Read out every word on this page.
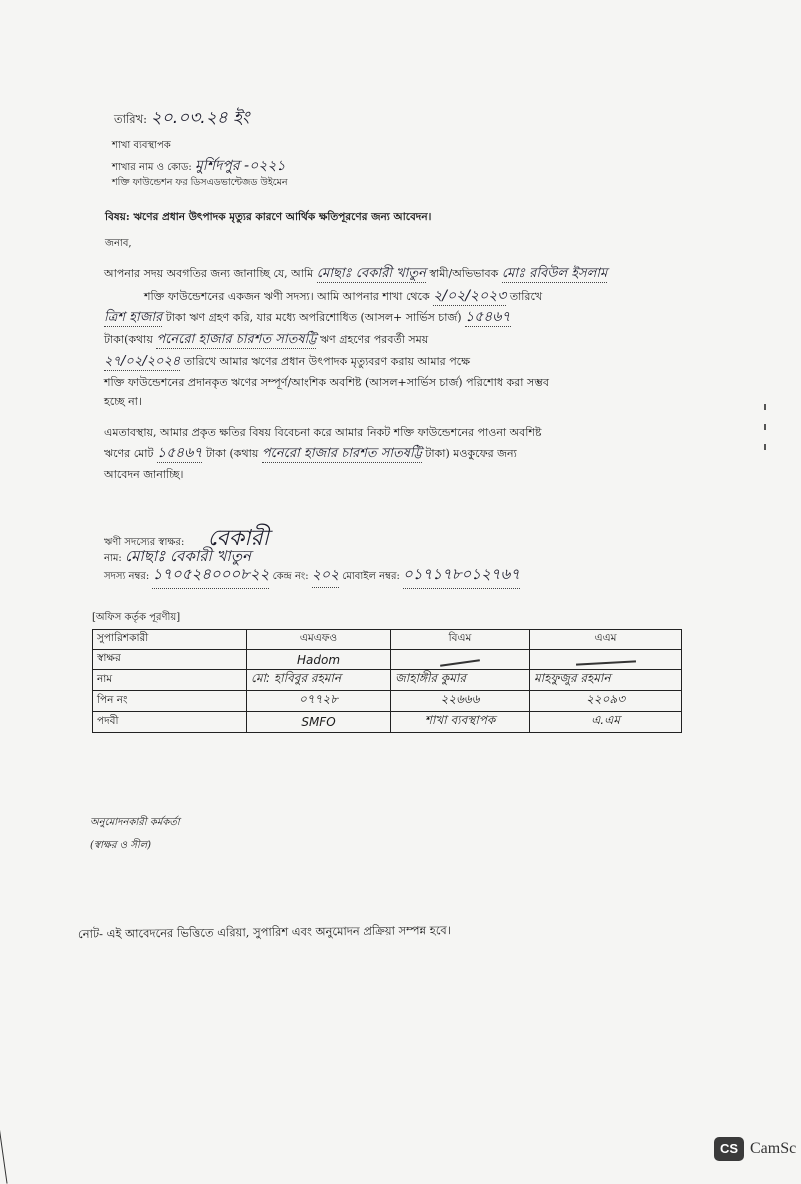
তারিখ: ২০.০৩.২৪ ইং
শাখা ব্যবস্থাপক
শাখার নাম ও কোড: মুর্শিদপুর -০২২১
শক্তি ফাউন্ডেশন ফর ডিসএডভান্টেজড উইমেন
বিষয়: ঋণের প্রধান উৎপাদক মৃত্যুর কারণে আর্থিক ক্ষতিপূরণের জন্য আবেদন।
জনাব,
আপনার সদয় অবগতির জন্য জানাচ্ছি যে, আমি মোছাঃ বেকারী খাতুন স্বামী/অভিভাবক মোঃ রবিউল ইসলাম
শক্তি ফাউন্ডেশনের একজন ঋণী সদস্য। আমি আপনার শাখা থেকে ২/০২/২০২৩ তারিখে
ত্রিশ হাজার টাকা ঋণ গ্রহণ করি, যার মধ্যে অপরিশোধিত (আসল+ সার্ভিস চার্জ) ১৫৪৬৭
টাকা(কথায় পনেরো হাজার চারশত সাতষট্টি ঋণ গ্রহণের পরবর্তী সময়
২৭/০২/২০২৪ তারিখে আমার ঋণের প্রধান উৎপাদক মৃত্যুবরণ করায় আমার পক্ষে
শক্তি ফাউন্ডেশনের প্রদানকৃত ঋণের সম্পূর্ণ/আংশিক অবশিষ্ট (আসল+সার্ভিস চার্জ) পরিশোধ করা সম্ভব
হচ্ছে না।
এমতাবস্থায়, আমার প্রকৃত ক্ষতির বিষয় বিবেচনা করে আমার নিকট শক্তি ফাউন্ডেশনের পাওনা অবশিষ্ট
ঋণের মোট ১৫৪৬৭ টাকা (কথায় পনেরো হাজার চারশত সাতষট্টি টাকা) মওকুফের জন্য
আবেদন জানাচ্ছি।
ঋণী সদস্যের স্বাক্ষর: বেকারী
নাম: মোছাঃ বেকারী খাতুন
সদস্য নম্বর: ১৭০৫২৪০০০৮২২ কেন্দ্র নং: ২০২ মোবাইল নম্বর: ০১৭১৭৮০১২৭৬৭
[অফিস কর্তৃক পূরণীয়]
সুপারিশকারী	এমএফও	বিএম	এএম
স্বাক্ষর	Hadom		
নাম	মো: হাবিবুর রহমান	জাহাঙ্গীর কুমার	মাহফুজুর রহমান
পিন নং	০৭৭২৮	২২৬৬৬	২২০৯৩
পদবী	SMFO	শাখা ব্যবস্থাপক	এ.এম
অনুমোদনকারী কর্মকর্তা
(স্বাক্ষর ও সীল)
নোট- এই আবেদনের ভিত্তিতে এরিয়া, সুপারিশ এবং অনুমোদন প্রক্রিয়া সম্পন্ন হবে।
CS CamSc
